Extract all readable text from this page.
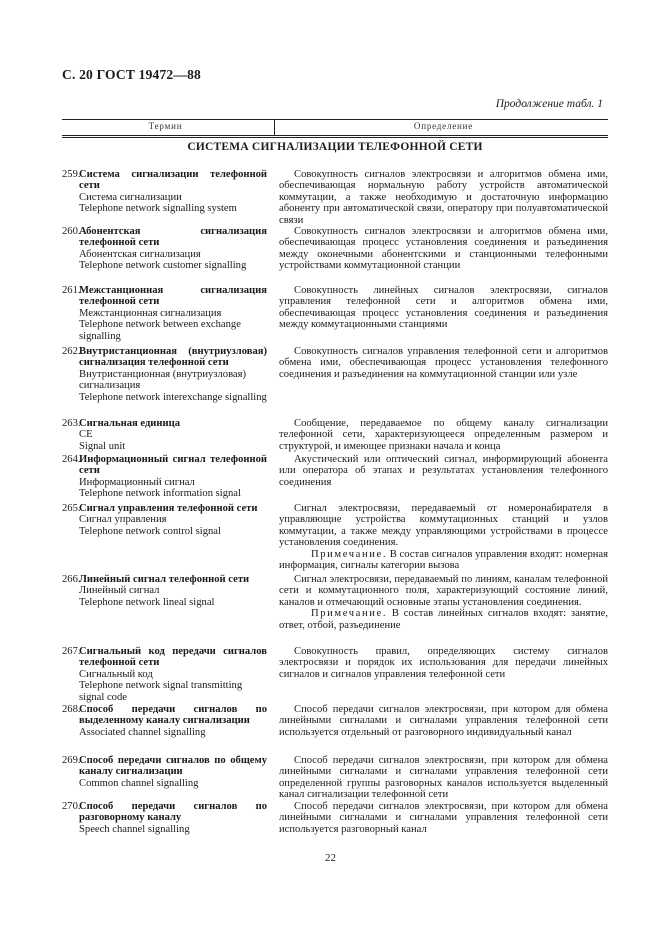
С. 20 ГОСТ 19472—88
Продолжение табл. 1
Термин	Определение
СИСТЕМА СИГНАЛИЗАЦИИ ТЕЛЕФОННОЙ СЕТИ
259.
Система сигнализации телефонной сети
Система сигнализации
Telephone network signalling system

Совокупность сигналов электросвязи и алгоритмов обмена ими, обеспечивающая нормальную работу устройств автоматической коммутации, а также необходимую и достаточную информацию абоненту при автоматической связи, оператору при полуавтоматической связи

260.
Абонентская сигнализация телефонной сети
Абонентская сигнализация
Telephone network customer signalling

Совокупность сигналов электросвязи и алгоритмов обмена ими, обеспечивающая процесс установления соединения и разъединения между оконечными абонентскими и станционными телефонными устройствами коммутационной станции

261.
Межстанционная сигнализация телефонной сети
Межстанционная сигнализация
Telephone network between exchange signalling

Совокупность линейных сигналов электросвязи, сигналов управления телефонной сети и алгоритмов обмена ими, обеспечивающая процесс установления соединения и разъединения между коммутационными станциями

262.
Внутристанционная (внутриузловая) сигнализация телефонной сети
Внутристанционная (внутриузловая) сигнализация
Telephone network interexchange signalling

Совокупность сигналов управления телефонной сети и алгоритмов обмена ими, обеспечивающая процесс установления телефонного соединения и разъединения на коммутационной станции или узле

263.
Сигнальная единица
СЕ
Signal unit

Сообщение, передаваемое по общему каналу сигнализации телефонной сети, характеризующееся определенным размером и структурой, и имеющее признаки начала и конца

264.
Информационный сигнал телефонной сети
Информационный сигнал
Telephone network information signal

Акустический или оптический сигнал, информирующий абонента или оператора об этапах и результатах установления телефонного соединения

265.
Сигнал управления телефонной сети
Сигнал управления
Telephone network control signal

Сигнал электросвязи, передаваемый от номеронабирателя в управляющие устройства коммутационных станций и узлов коммутации, а также между управляющими устройствами в процессе установления соединения.

Примечание. В состав сигналов управления входят: номерная информация, сигналы категории вызова

266.
Линейный сигнал телефонной сети
Линейный сигнал
Telephone network lineal signal

Сигнал электросвязи, передаваемый по линиям, каналам телефонной сети и коммутационного поля, характеризующий состояние линий, каналов и отмечающий основные этапы установления соединения.

Примечание. В состав линейных сигналов входят: занятие, ответ, отбой, разъединение

267.
Сигнальный код передачи сигналов телефонной сети
Сигнальный код
Telephone network signal transmitting signal code

Совокупность правил, определяющих систему сигналов электросвязи и порядок их использования для передачи линейных сигналов и сигналов управления телефонной сети

268.
Способ передачи сигналов по выделенному каналу сигнализации
Associated channel signalling

Способ передачи сигналов электросвязи, при котором для обмена линейными сигналами и сигналами управления телефонной сети используется отдельный от разговорного индивидуальный канал

269.
Способ передачи сигналов по общему каналу сигнализации
Common channel signalling

Способ передачи сигналов электросвязи, при котором для обмена линейными сигналами и сигналами управления телефонной сети определенной группы разговорных каналов используется выделенный канал сигнализации телефонной сети

270.
Способ передачи сигналов по разговорному каналу
Speech channel signalling

Способ передачи сигналов электросвязи, при котором для обмена линейными сигналами и сигналами управления телефонной сети используется разговорный канал

22
